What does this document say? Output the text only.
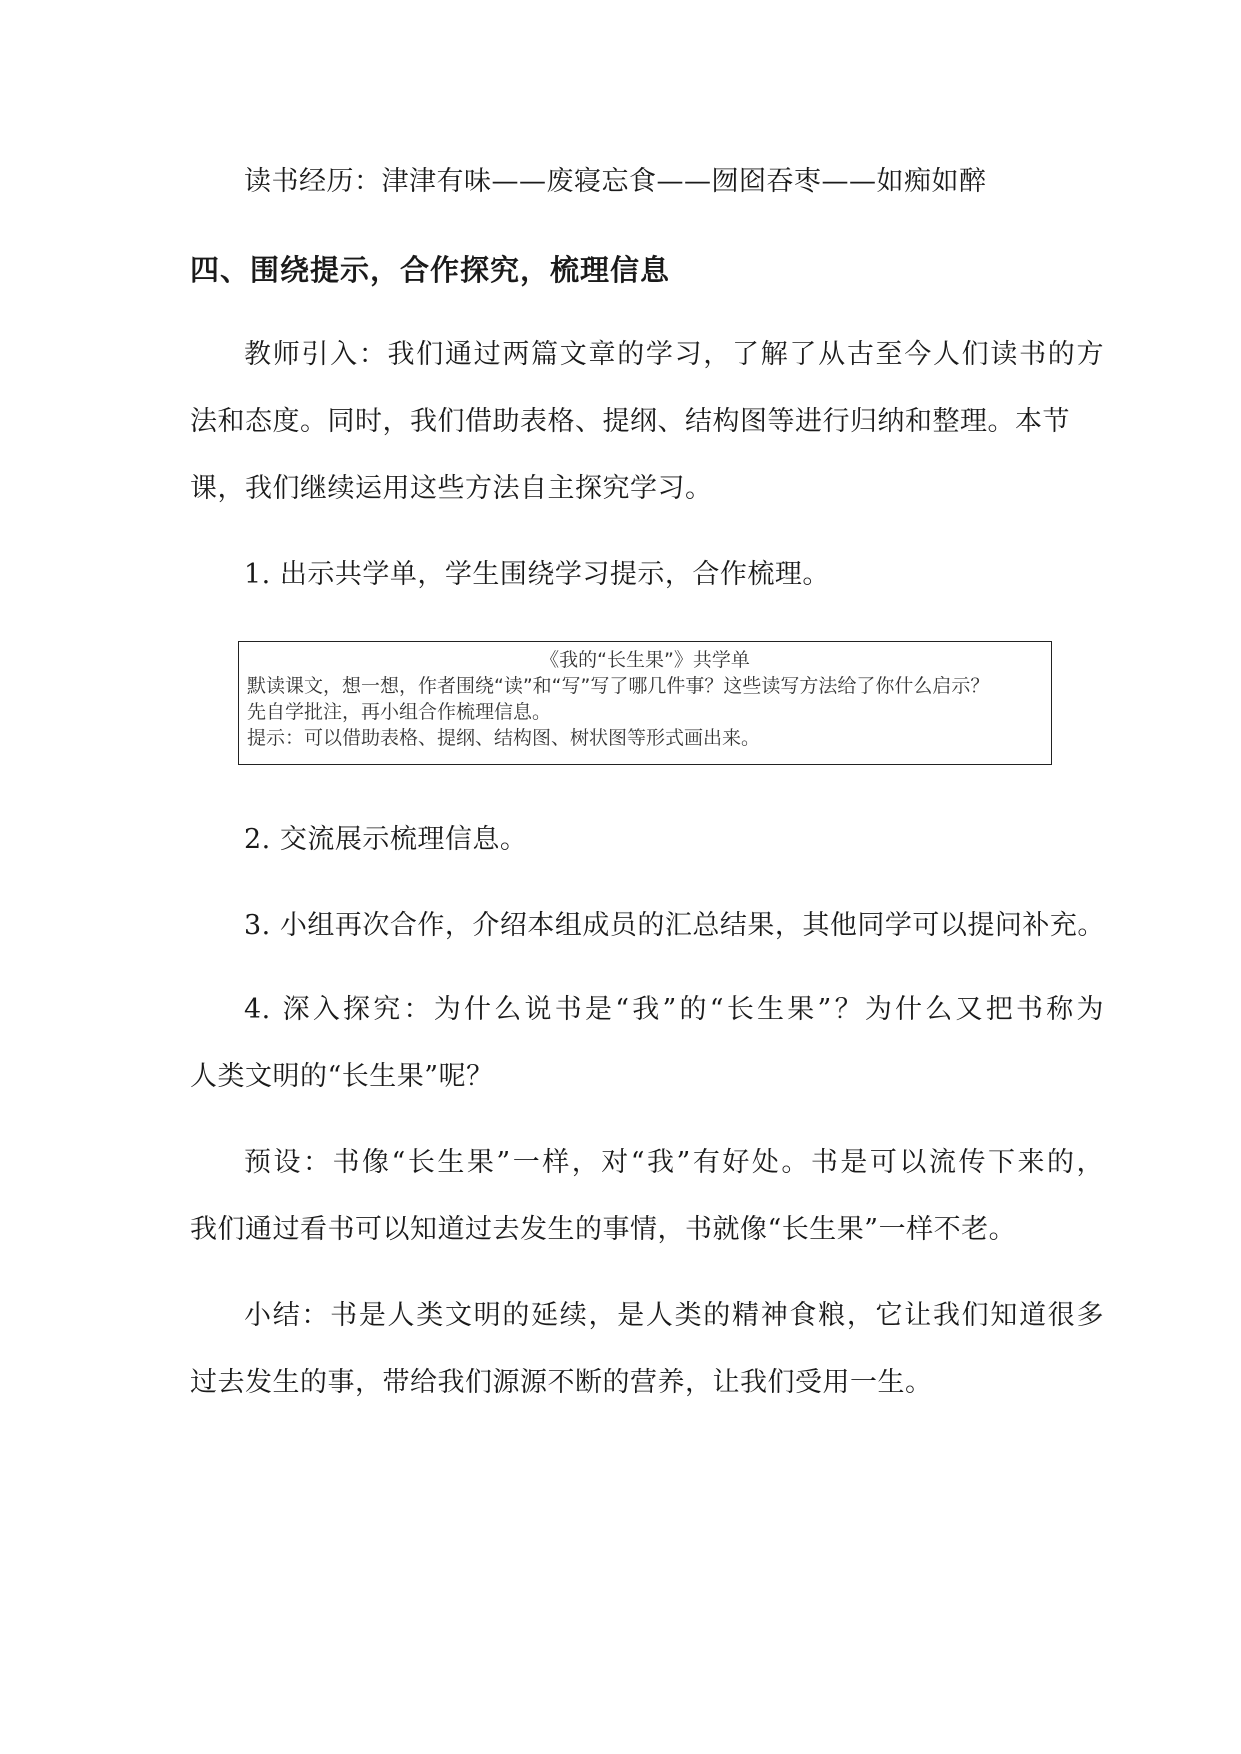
读书经历：津津有味——废寝忘食——囫囵吞枣——如痴如醉
四、围绕提示，合作探究，梳理信息
教师引入：我们通过两篇文章的学习，了解了从古至今人们读书的方
法和态度。同时，我们借助表格、提纲、结构图等进行归纳和整理。本节
课，我们继续运用这些方法自主探究学习。
1. 出示共学单，学生围绕学习提示，合作梳理。
《我的“长生果”》共学单
默读课文，想一想，作者围绕“读”和“写”写了哪几件事？这些读写方法给了你什么启示？
先自学批注，再小组合作梳理信息。
提示：可以借助表格、提纲、结构图、树状图等形式画出来。
2. 交流展示梳理信息。
3. 小组再次合作，介绍本组成员的汇总结果，其他同学可以提问补充。
4. 深入探究：为什么说书是“我”的“长生果”？为什么又把书称为
人类文明的“长生果”呢？
预设：书像“长生果”一样，对“我”有好处。书是可以流传下来的，
我们通过看书可以知道过去发生的事情，书就像“长生果”一样不老。
小结：书是人类文明的延续，是人类的精神食粮，它让我们知道很多
过去发生的事，带给我们源源不断的营养，让我们受用一生。
